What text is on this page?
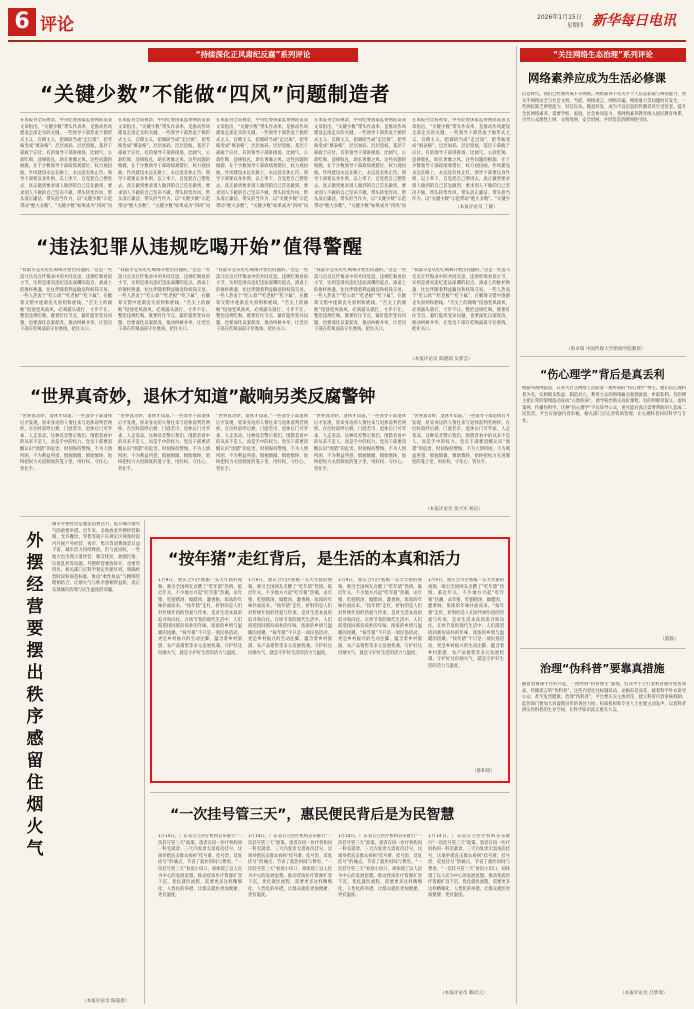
6 评论	2026年1月15日
星期四 新华每日电讯
“持续深化正风肃纪反腐”系列评论	“关注网络生态治理”系列评论
“关键少数”不能做“四风”问题制造者
在本报刊全局视察，中央纪委国家监委网站发表文章指出，“关键少数”带头作表率，是推动作风建设走深走实的关键。一些领导干部热衷于搞形式主义、官僚主义，把调研当成“走过场”，把考核变成“填表格”，层层加码、层层留痕，基层干部疲于应付。有的领导干部讲排场、比阔气，公款吃喝、违规收礼，助长奢靡之风。这些问题的根源，在于少数领导干部政绩观错位、权力观扭曲。作风建设永远在路上，永远没有休止符。领导干部要以身作则、以上率下，自觉把自己摆进去，真正做到要求别人做到的自己首先做到，要求别人不做的自己坚决不做，带头转变作风、带头清正廉洁、带头担当作为，以“关键少数”示范带动“绝大多数”。“关键少数”如果成为“四风”问
在本报刊全局视察，中央纪委国家监委网站发表文章指出，“关键少数”带头作表率，是推动作风建设走深走实的关键。一些领导干部热衷于搞形式主义、官僚主义，把调研当成“走过场”，把考核变成“填表格”，层层加码、层层留痕，基层干部疲于应付。有的领导干部讲排场、比阔气，公款吃喝、违规收礼，助长奢靡之风。这些问题的根源，在于少数领导干部政绩观错位、权力观扭曲。作风建设永远在路上，永远没有休止符。领导干部要以身作则、以上率下，自觉把自己摆进去，真正做到要求别人做到的自己首先做到，要求别人不做的自己坚决不做，带头转变作风、带头清正廉洁、带头担当作为，以“关键少数”示范带动“绝大多数”。“关键少数”如果成为“四风”问
在本报刊全局视察，中央纪委国家监委网站发表文章指出，“关键少数”带头作表率，是推动作风建设走深走实的关键。一些领导干部热衷于搞形式主义、官僚主义，把调研当成“走过场”，把考核变成“填表格”，层层加码、层层留痕，基层干部疲于应付。有的领导干部讲排场、比阔气，公款吃喝、违规收礼，助长奢靡之风。这些问题的根源，在于少数领导干部政绩观错位、权力观扭曲。作风建设永远在路上，永远没有休止符。领导干部要以身作则、以上率下，自觉把自己摆进去，真正做到要求别人做到的自己首先做到，要求别人不做的自己坚决不做，带头转变作风、带头清正廉洁、带头担当作为，以“关键少数”示范带动“绝大多数”。“关键少数”如果成为“四风”问
在本报刊全局视察，中央纪委国家监委网站发表文章指出，“关键少数”带头作表率，是推动作风建设走深走实的关键。一些领导干部热衷于搞形式主义、官僚主义，把调研当成“走过场”，把考核变成“填表格”，层层加码、层层留痕，基层干部疲于应付。有的领导干部讲排场、比阔气，公款吃喝、违规收礼，助长奢靡之风。这些问题的根源，在于少数领导干部政绩观错位、权力观扭曲。作风建设永远在路上，永远没有休止符。领导干部要以身作则、以上率下，自觉把自己摆进去，真正做到要求别人做到的自己首先做到，要求别人不做的自己坚决不做，带头转变作风、带头清正廉洁、带头担当作为，以“关键少数”示范带动“绝大多数”。“关键少数”如果成为“四风”问
在本报刊全局视察，中央纪委国家监委网站发表文章指出，“关键少数”带头作表率，是推动作风建设走深走实的关键。一些领导干部热衷于搞形式主义、官僚主义，把调研当成“走过场”，把考核变成“填表格”，层层加码、层层留痕，基层干部疲于应付。有的领导干部讲排场、比阔气，公款吃喝、违规收礼，助长奢靡之风。这些问题的根源，在于少数领导干部政绩观错位、权力观扭曲。作风建设永远在路上，永远没有休止符。领导干部要以身作则、以上率下，自觉把自己摆进去，真正做到要求别人做到的自己首先做到，要求别人不做的自己坚决不做，带头转变作风、带头清正廉洁、带头担当作为，以“关键少数”示范带动“绝大多数”。“关键少
（本报评论员 丁静）
“违法犯罪从违规吃喝开始”值得警醒
“我最早是从吃吃喝喝开始出问题的。”这是一些落马官员在忏悔录中的共同反思。违规吃喝看似小节，实则是滑向违纪违法深渊的起点。酒桌上的推杯换盏，往往伴随着利益输送和权钱交易。一些人热衷于“吃公款”“吃老板”“吃下属”，在觥筹交错中逐渐丧失原则和底线。“舌尖上的腐败”侵蚀党风政风，必须露头就打、寸步不让。整治违规吃喝，既要盯住节点、紧盯隐形变异问题，也要深化以案促改，推动纠树并举，让党员干部在吃喝面前守住底线、把住关口。
“我最早是从吃吃喝喝开始出问题的。”这是一些落马官员在忏悔录中的共同反思。违规吃喝看似小节，实则是滑向违纪违法深渊的起点。酒桌上的推杯换盏，往往伴随着利益输送和权钱交易。一些人热衷于“吃公款”“吃老板”“吃下属”，在觥筹交错中逐渐丧失原则和底线。“舌尖上的腐败”侵蚀党风政风，必须露头就打、寸步不让。整治违规吃喝，既要盯住节点、紧盯隐形变异问题，也要深化以案促改，推动纠树并举，让党员干部在吃喝面前守住底线、把住关口。
“我最早是从吃吃喝喝开始出问题的。”这是一些落马官员在忏悔录中的共同反思。违规吃喝看似小节，实则是滑向违纪违法深渊的起点。酒桌上的推杯换盏，往往伴随着利益输送和权钱交易。一些人热衷于“吃公款”“吃老板”“吃下属”，在觥筹交错中逐渐丧失原则和底线。“舌尖上的腐败”侵蚀党风政风，必须露头就打、寸步不让。整治违规吃喝，既要盯住节点、紧盯隐形变异问题，也要深化以案促改，推动纠树并举，让党员干部在吃喝面前守住底线、把住关口。
“我最早是从吃吃喝喝开始出问题的。”这是一些落马官员在忏悔录中的共同反思。违规吃喝看似小节，实则是滑向违纪违法深渊的起点。酒桌上的推杯换盏，往往伴随着利益输送和权钱交易。一些人热衷于“吃公款”“吃老板”“吃下属”，在觥筹交错中逐渐丧失原则和底线。“舌尖上的腐败”侵蚀党风政风，必须露头就打、寸步不让。整治违规吃喝，既要盯住节点、紧盯隐形变异问题，也要深化以案促改，推动纠树并举，让党员干部在吃喝面前守住底线、把住关口。
“我最早是从吃吃喝喝开始出问题的。”这是一些落马官员在忏悔录中的共同反思。违规吃喝看似小节，实则是滑向违纪违法深渊的起点。酒桌上的推杯换盏，往往伴随着利益输送和权钱交易。一些人热衷于“吃公款”“吃老板”“吃下属”，在觥筹交错中逐渐丧失原则和底线。“舌尖上的腐败”侵蚀党风政风，必须露头就打、寸步不让。整治违规吃喝，既要盯住节点、紧盯隐形变异问题，也要深化以案促改，推动纠树并举，让党员干部在吃喝面前守住底线、把住关口。
（本报评论员 陈德润 吴梦芸）
“世界真奇妙，退休才知道”敲响另类反腐警钟
“世界真奇妙，退休才知道。”一些领导干部退休后才发现，原来身边的人情往来与退休前判若两样。在位时前呼后拥、门庭若市，退休后门可罗雀、人走茶凉。这种反差警示我们，围猎者看中的从来不是人，而是手中的权力。党员干部要清醒认识“围猎”的危害，时刻保持警惕，不为人情所困、不为利益所惑，慎独慎微、慎始慎终，始终把权力关进制度的笼子里，用好权、守住心、管住手。
“世界真奇妙，退休才知道。”一些领导干部退休后才发现，原来身边的人情往来与退休前判若两样。在位时前呼后拥、门庭若市，退休后门可罗雀、人走茶凉。这种反差警示我们，围猎者看中的从来不是人，而是手中的权力。党员干部要清醒认识“围猎”的危害，时刻保持警惕，不为人情所困、不为利益所惑，慎独慎微、慎始慎终，始终把权力关进制度的笼子里，用好权、守住心、管住手。
“世界真奇妙，退休才知道。”一些领导干部退休后才发现，原来身边的人情往来与退休前判若两样。在位时前呼后拥、门庭若市，退休后门可罗雀、人走茶凉。这种反差警示我们，围猎者看中的从来不是人，而是手中的权力。党员干部要清醒认识“围猎”的危害，时刻保持警惕，不为人情所困、不为利益所惑，慎独慎微、慎始慎终，始终把权力关进制度的笼子里，用好权、守住心、管住手。
“世界真奇妙，退休才知道。”一些领导干部退休后才发现，原来身边的人情往来与退休前判若两样。在位时前呼后拥、门庭若市，退休后门可罗雀、人走茶凉。这种反差警示我们，围猎者看中的从来不是人，而是手中的权力。党员干部要清醒认识“围猎”的危害，时刻保持警惕，不为人情所困、不为利益所惑，慎独慎微、慎始慎终，始终把权力关进制度的笼子里，用好权、守住心、管住手。
“世界真奇妙，退休才知道。”一些领导干部退休后才发现，原来身边的人情往来与退休前判若两样。在位时前呼后拥、门庭若市，退休后门可罗雀、人走茶凉。这种反差警示我们，围猎者看中的从来不是人，而是手中的权力。党员干部要清醒认识“围猎”的危害，时刻保持警惕，不为人情所困、不为利益所惑，慎独慎微、慎始慎终，始终把权力关进制度的笼子里，用好权、守住心、管住手。
（本报评论员 张兴军 杨洁）
外摆经营要摆出秩序感留住烟火气
城市外摆经营是激发消费活力、提升城市烟火气的重要举措。近年来，多地放宽外摆经营限制，允许餐饮、零售等商户在规定区域和时段内开展户外经营，夜市、集市等消费场景日益丰富，城市活力持续释放。但与此同时，一些地方也出现占道经营、噪音扰民、油烟污染、垃圾乱扔等问题。外摆经营要放得开，也要管得住。相关部门应科学划定外摆区域，明确经营时段和规范标准，推动“柔性执法”与精细管理相结合，让烟火气与秩序感相得益彰，真正实现城市治理与民生温度的双赢。
（本报评论员 陈迪晨）
“按年猪”走红背后，是生活的本真和活力
1月9日，重庆合川区姑娘一头大年猪的视频，吸引全国网友点燃了“吃年猪”热情。临近年关，不少地方兴起“吃年猪”热潮，杀年猪、吃刨猪汤、做腊肉、灌香肠，浓浓的年味扑面而来。“按年猪”走红，折射的是人们对传统年俗的热爱与传承，是对生活本真的追寻和向往。在快节奏的现代生活中，人们渴望找回那份质朴的年味、浓浓的乡情与温暖的团聚。“按年猪”不只是一项民俗活动，更是乡村振兴的生动注脚，蕴含着乡村旅游、农产品销售等多元发展机遇。守护好这份烟火气，就是守护好生活的活力与温度。
1月9日，重庆合川区姑娘一头大年猪的视频，吸引全国网友点燃了“吃年猪”热情。临近年关，不少地方兴起“吃年猪”热潮，杀年猪、吃刨猪汤、做腊肉、灌香肠，浓浓的年味扑面而来。“按年猪”走红，折射的是人们对传统年俗的热爱与传承，是对生活本真的追寻和向往。在快节奏的现代生活中，人们渴望找回那份质朴的年味、浓浓的乡情与温暖的团聚。“按年猪”不只是一项民俗活动，更是乡村振兴的生动注脚，蕴含着乡村旅游、农产品销售等多元发展机遇。守护好这份烟火气，就是守护好生活的活力与温度。
1月9日，重庆合川区姑娘一头大年猪的视频，吸引全国网友点燃了“吃年猪”热情。临近年关，不少地方兴起“吃年猪”热潮，杀年猪、吃刨猪汤、做腊肉、灌香肠，浓浓的年味扑面而来。“按年猪”走红，折射的是人们对传统年俗的热爱与传承，是对生活本真的追寻和向往。在快节奏的现代生活中，人们渴望找回那份质朴的年味、浓浓的乡情与温暖的团聚。“按年猪”不只是一项民俗活动，更是乡村振兴的生动注脚，蕴含着乡村旅游、农产品销售等多元发展机遇。守护好这份烟火气，就是守护好生活的活力与温度。
1月9日，重庆合川区姑娘一头大年猪的视频，吸引全国网友点燃了“吃年猪”热情。临近年关，不少地方兴起“吃年猪”热潮，杀年猪、吃刨猪汤、做腊肉、灌香肠，浓浓的年味扑面而来。“按年猪”走红，折射的是人们对传统年俗的热爱与传承，是对生活本真的追寻和向往。在快节奏的现代生活中，人们渴望找回那份质朴的年味、浓浓的乡情与温暖的团聚。“按年猪”不只是一项民俗活动，更是乡村振兴的生动注脚，蕴含着乡村旅游、农产品销售等多元发展机遇。守护好这份烟火气，就是守护好生活的活力与温度。
（陈和瑶）
“一次挂号管三天”，惠民便民背后是为民智慧
1月14日，广东省公立医疗机构宣布推行“一次挂号管三天”政策。患者在同一医疗机构同一科室就诊，三天内复诊无需再次挂号，这项举措直击群众看病“挂号难、挂号贵、反复挂号”的痛点，节省了就医时间与费用。“一次挂号管三天”看似小切口，却体现了以人民为中心的发展思想。推动优质医疗资源扩容下沉、优化就医流程，需要更多这样精细化、人性化的举措，让群众就医更加便捷、更有温度。
1月14日，广东省公立医疗机构宣布推行“一次挂号管三天”政策。患者在同一医疗机构同一科室就诊，三天内复诊无需再次挂号，这项举措直击群众看病“挂号难、挂号贵、反复挂号”的痛点，节省了就医时间与费用。“一次挂号管三天”看似小切口，却体现了以人民为中心的发展思想。推动优质医疗资源扩容下沉、优化就医流程，需要更多这样精细化、人性化的举措，让群众就医更加便捷、更有温度。
1月14日，广东省公立医疗机构宣布推行“一次挂号管三天”政策。患者在同一医疗机构同一科室就诊，三天内复诊无需再次挂号，这项举措直击群众看病“挂号难、挂号贵、反复挂号”的痛点，节省了就医时间与费用。“一次挂号管三天”看似小切口，却体现了以人民为中心的发展思想。推动优质医疗资源扩容下沉、优化就医流程，需要更多这样精细化、人性化的举措，让群众就医更加便捷、更有温度。
1月14日，广东省公立医疗机构宣布推行“一次挂号管三天”政策。患者在同一医疗机构同一科室就诊，三天内复诊无需再次挂号，这项举措直击群众看病“挂号难、挂号贵、反复挂号”的痛点，节省了就医时间与费用。“一次挂号管三天”看似小切口，却体现了以人民为中心的发展思想。推动优质医疗资源扩容下沉、优化就医流程，需要更多这样精细化、人性化的举措，让群众就医更加便捷、更有温度。
（本报评论员 赖诗云）
网络素养应成为生活必修课
信息时代，我们已经须臾离不开网络。网络素养不仅关乎个人信息获取与辨别能力，更关乎网络安全与社会文明。当前，网络谣言、网络诈骗、网络暴力等问题时有发生，一些网民缺乏辨别能力，轻信盲从、随意转发，成为不良信息的传播者甚至受害者。提升全民网络素养，需要学校、家庭、社会协同发力，将网络素养教育纳入国民教育体系，引导公众理性上网、文明用网、安全用网，共同营造清朗网络空间。
（鲁卓瑞 中国传媒大学新闻学院教授）
“伤心理学”背后是真丢利
根据央视网报道，在各大社交网络上活跃着一批所谓的“伤心理学”博主。他们以心理科普为名，实则贩卖焦虑、制造对立，利用大众的情绪痛点收割流量、牟取私利。有的博主把正常的情绪波动说成“心理疾病”，诱导粉丝购买高价课程；有的则断章取义、虚构案例，传播伪科学。这种“伤心理学”不仅误导公众，更可能对真正需要帮助的人造成二次伤害。平台应加强内容审核，相关部门应完善资质管理，让心理科普回归科学与专业。
（董毅）
治理“伪科普”要靠真措施
随着短视频平台的兴起，一批所谓“科普博主”涌现，但其中不乏打着科普旗号兜售商品、传播谣言的“伪科普”。这些内容往往标题耸动、论据似是而非，披着科学外衣误导公众，甚至危害健康。治理“伪科普”，平台要压实主体责任，建立科普内容审核机制；监管部门要加大对虚假宣传的查处力度；权威机构和专业人士也要主动发声，以真科普挤压伪科普的生存空间，让科学知识真正惠及大众。
（本报评论员 吕梦琦）
